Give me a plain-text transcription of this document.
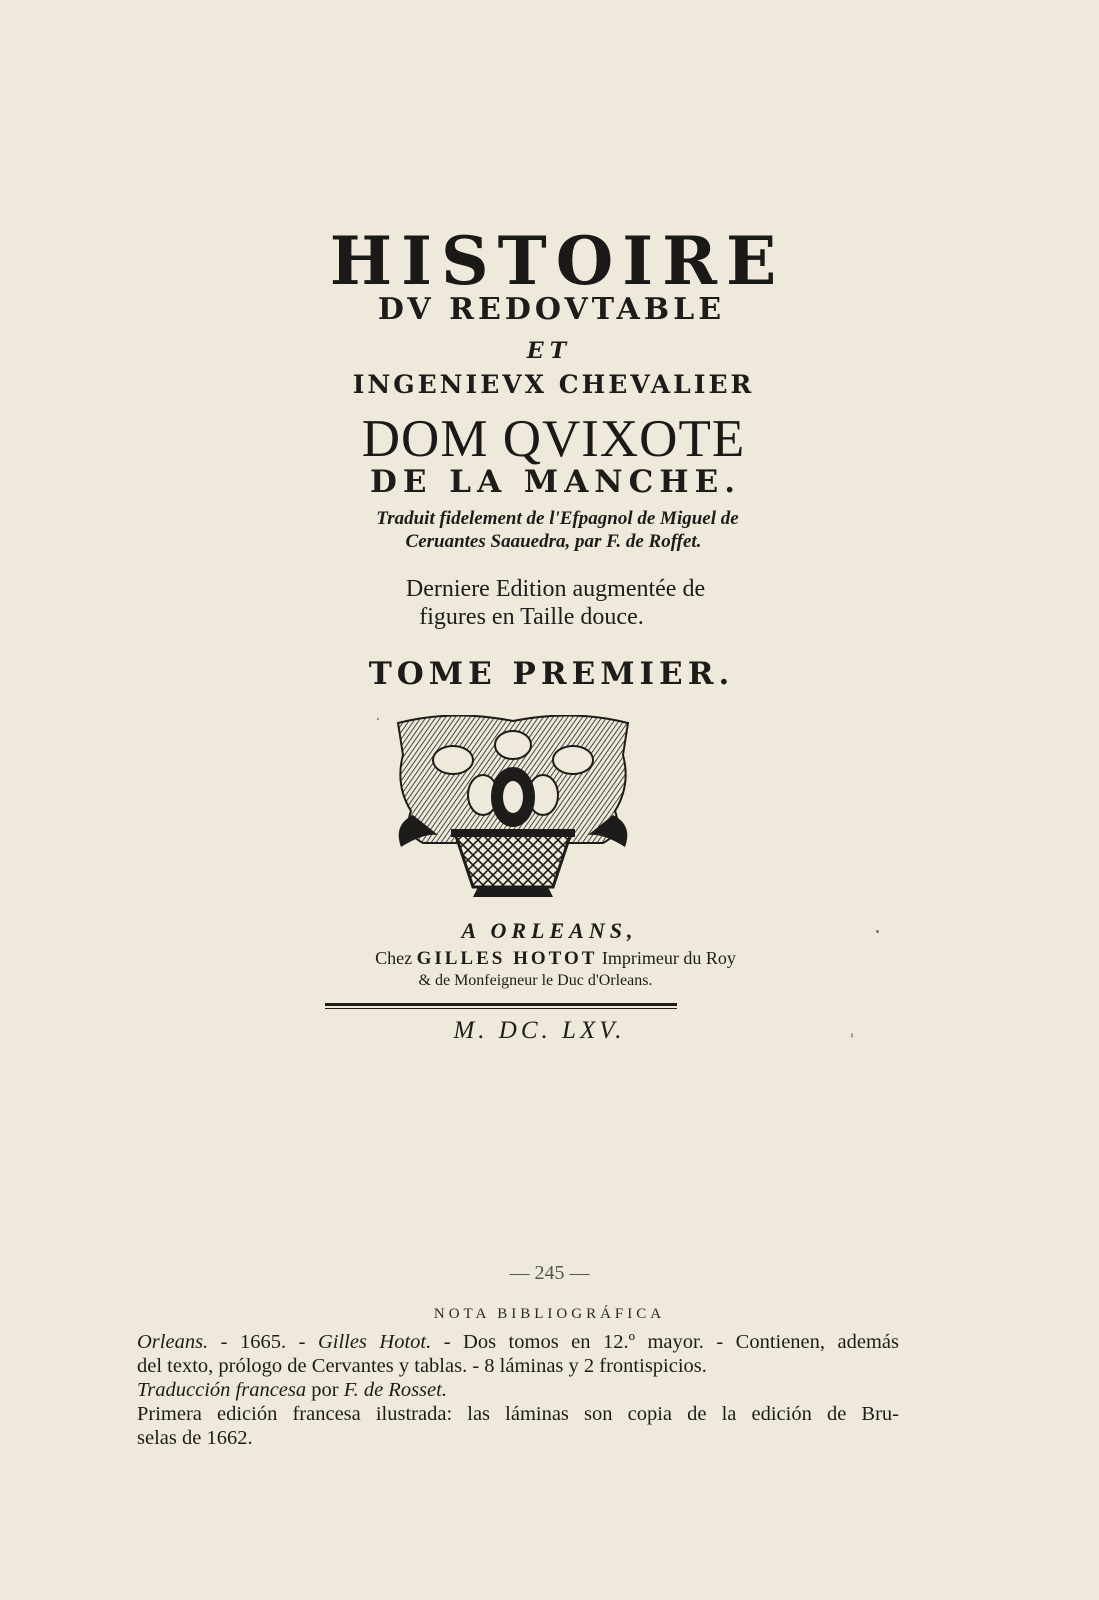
HISTOIRE
DV REDOVTABLE
ET
INGENIEVX CHEVALIER
DOM QVIXOTE
DE LA MANCHE.
Traduit fidelement de l'Efpagnol de Miguel de
Ceruantes Saauedra, par F. de Roffet.
Derniere Edition augmentée de
figures en Taille douce.
TOME PREMIER.
A ORLEANS,
Chez GILLES HOTOT Imprimeur du Roy
& de Monfeigneur le Duc d'Orleans.
M. DC. LXV.
— 245 —
NOTA BIBLIOGRÁFICA

Orleans. - 1665. - Gilles Hotot. - Dos tomos en 12.º mayor. - Contienen, además

del texto, prólogo de Cervantes y tablas. - 8 láminas y 2 frontispicios.

Traducción francesa por F. de Rosset.

Primera edición francesa ilustrada: las láminas son copia de la edición de Bru-

selas de 1662.
